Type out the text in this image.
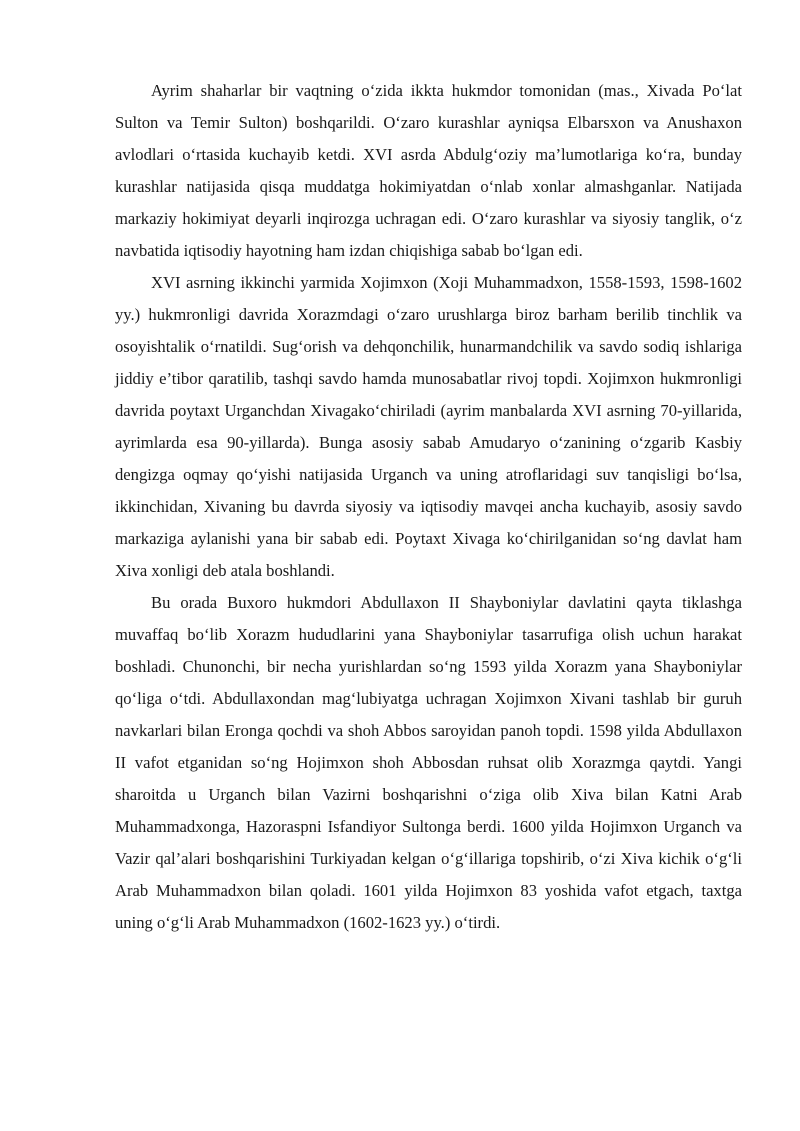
Ayrim shaharlar bir vaqtning o‘zida ikkta hukmdor tomonidan (mas., Xivada Po‘lat Sulton va Temir Sulton) boshqarildi. O‘zaro kurashlar ayniqsa Elbarsxon va Anushaxon avlodlari o‘rtasida kuchayib ketdi. XVI asrda Abdulg‘oziy ma’lumotlariga ko‘ra, bunday kurashlar natijasida qisqa muddatga hokimiyatdan o‘nlab xonlar almashganlar. Natijada markaziy hokimiyat deyarli inqirozga uchragan edi. O‘zaro kurashlar va siyosiy tanglik, o‘z navbatida iqtisodiy hayotning ham izdan chiqishiga sabab bo‘lgan edi.

XVI asrning ikkinchi yarmida Xojimxon (Xoji Muhammadxon, 1558-1593, 1598-1602 yy.) hukmronligi davrida Xorazmdagi o‘zaro urushlarga biroz barham berilib tinchlik va osoyishtalik o‘rnatildi. Sug‘orish va dehqonchilik, hunarmandchilik va savdo sodiq ishlariga jiddiy e’tibor qaratilib, tashqi savdo hamda munosabatlar rivoj topdi. Xojimxon hukmronligi davrida poytaxt Urganchdan Xivagako‘chiriladi (ayrim manbalarda XVI asrning 70-yillarida, ayrimlarda esa 90-yillarda). Bunga asosiy sabab Amudaryo o‘zanining o‘zgarib Kasbiy dengizga oqmay qo‘yishi natijasida Urganch va uning atroflaridagi suv tanqisligi bo‘lsa, ikkinchidan, Xivaning bu davrda siyosiy va iqtisodiy mavqei ancha kuchayib, asosiy savdo markaziga aylanishi yana bir sabab edi. Poytaxt Xivaga ko‘chirilganidan so‘ng davlat ham Xiva xonligi deb atala boshlandi.

Bu orada Buxoro hukmdori Abdullaxon II Shayboniylar davlatini qayta tiklashga muvaffaq bo‘lib Xorazm hududlarini yana Shayboniylar tasarrufiga olish uchun harakat boshladi. Chunonchi, bir necha yurishlardan so‘ng 1593 yilda Xorazm yana Shayboniylar qo‘liga o‘tdi. Abdullaxondan mag‘lubiyatga uchragan Xojimxon Xivani tashlab bir guruh navkarlari bilan Eronga qochdi va shoh Abbos saroyidan panoh topdi. 1598 yilda Abdullaxon II vafot etganidan so‘ng Hojimxon shoh Abbosdan ruhsat olib Xorazmga qaytdi. Yangi sharoitda u Urganch bilan Vazirni boshqarishni o‘ziga olib Xiva bilan Katni Arab Muhammadxonga, Hazoraspni Isfandiyor Sultonga berdi. 1600 yilda Hojimxon Urganch va Vazir qal’alari boshqarishini Turkiyadan kelgan o‘g‘illariga topshirib, o‘zi Xiva kichik o‘g‘li Arab Muhammadxon bilan qoladi. 1601 yilda Hojimxon 83 yoshida vafot etgach, taxtga uning o‘g‘li Arab Muhammadxon (1602-1623 yy.) o‘tirdi.
